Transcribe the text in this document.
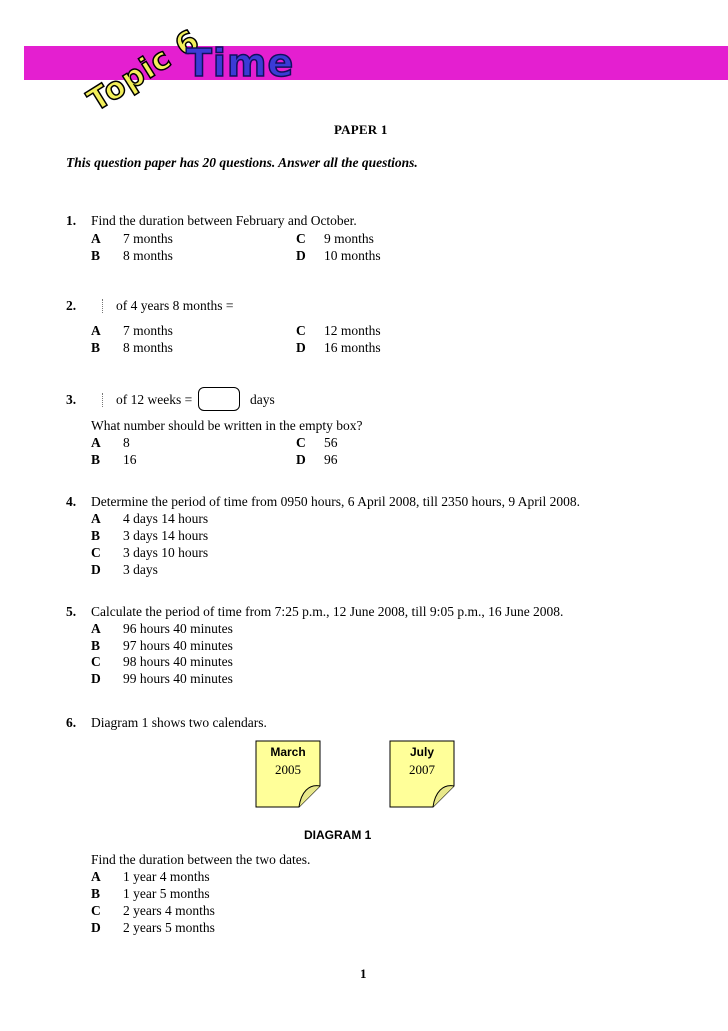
Topic 6
Time
PAPER 1
This question paper has 20 questions. Answer all the questions.
1. Find the duration between February and October.
A 7 months	C 9 months
B 8 months	D 10 months
2.	of 4 years 8 months =
A 7 months	C 12 months
B 8 months	D 16 months
3.	of 12 weeks =	days
What number should be written in the empty box?
A 8	C 56
B 16	D 96
4. Determine the period of time from 0950 hours, 6 April 2008, till 2350 hours, 9 April 2008.
A 4 days 14 hours
B 3 days 14 hours
C 3 days 10 hours
D 3 days
5. Calculate the period of time from 7:25 p.m., 12 June 2008, till 9:05 p.m., 16 June 2008.
A 96 hours 40 minutes
B 97 hours 40 minutes
C 98 hours 40 minutes
D 99 hours 40 minutes
6. Diagram 1 shows two calendars.
March
2005
July
2007
DIAGRAM 1
Find the duration between the two dates.
A 1 year 4 months
B 1 year 5 months
C 2 years 4 months
D 2 years 5 months
1
